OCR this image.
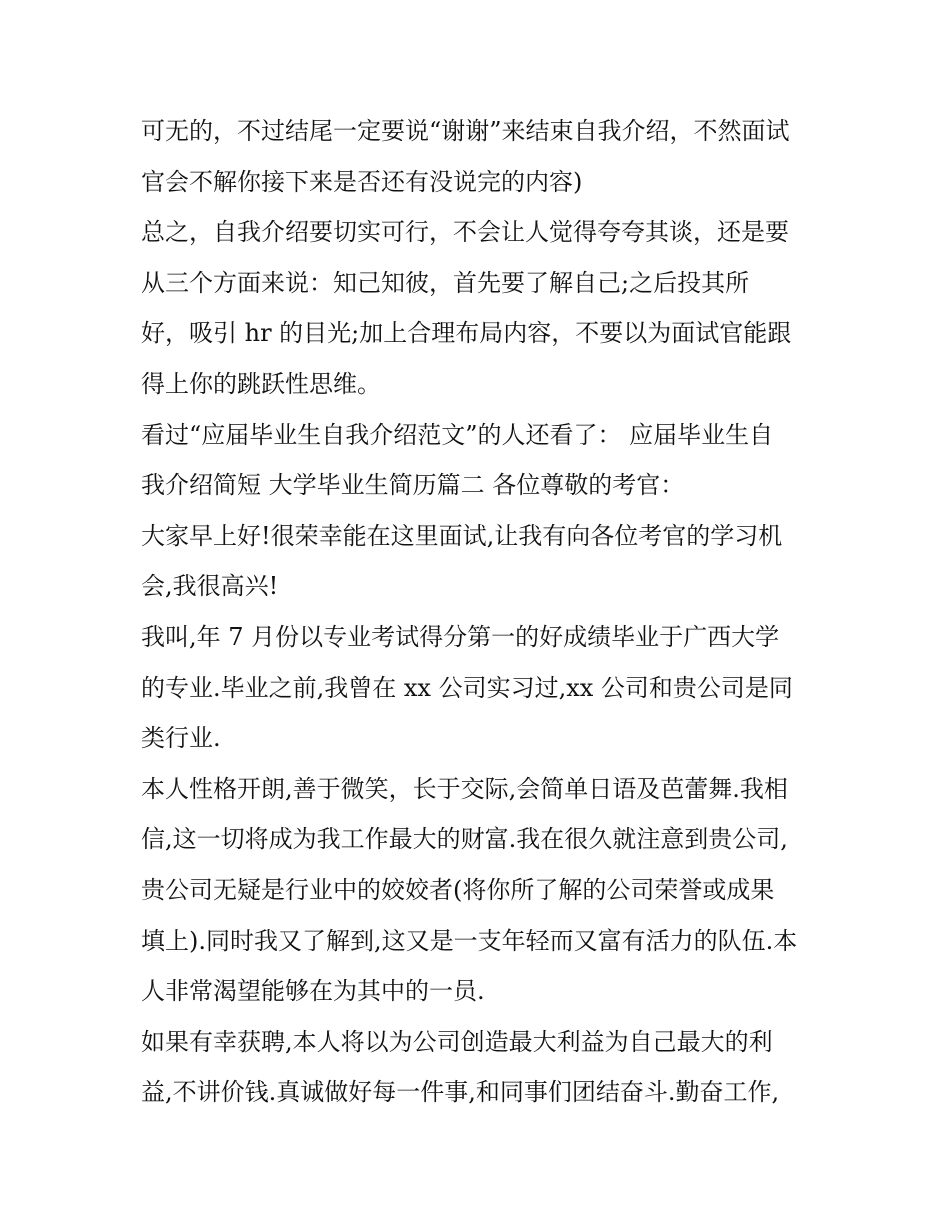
可无的，不过结尾一定要说“谢谢”来结束自我介绍，不然面试
官会不解你接下来是否还有没说完的内容)
总之，自我介绍要切实可行，不会让人觉得夸夸其谈，还是要
从三个方面来说：知己知彼，首先要了解自己;之后投其所
好，吸引 hr 的目光;加上合理布局内容，不要以为面试官能跟
得上你的跳跃性思维。
看过“应届毕业生自我介绍范文”的人还看了： 应届毕业生自
我介绍简短 大学毕业生简历篇二 各位尊敬的考官：
大家早上好!很荣幸能在这里面试,让我有向各位考官的学习机
会,我很高兴!
我叫,年 7 月份以专业考试得分第一的好成绩毕业于广西大学
的专业.毕业之前,我曾在 xx 公司实习过,xx 公司和贵公司是同
类行业.
本人性格开朗,善于微笑，长于交际,会简单日语及芭蕾舞.我相
信,这一切将成为我工作最大的财富.我在很久就注意到贵公司,
贵公司无疑是行业中的姣姣者(将你所了解的公司荣誉或成果
填上).同时我又了解到,这又是一支年轻而又富有活力的队伍.本
人非常渴望能够在为其中的一员.
如果有幸获聘,本人将以为公司创造最大利益为自己最大的利
益,不讲价钱.真诚做好每一件事,和同事们团结奋斗.勤奋工作,
